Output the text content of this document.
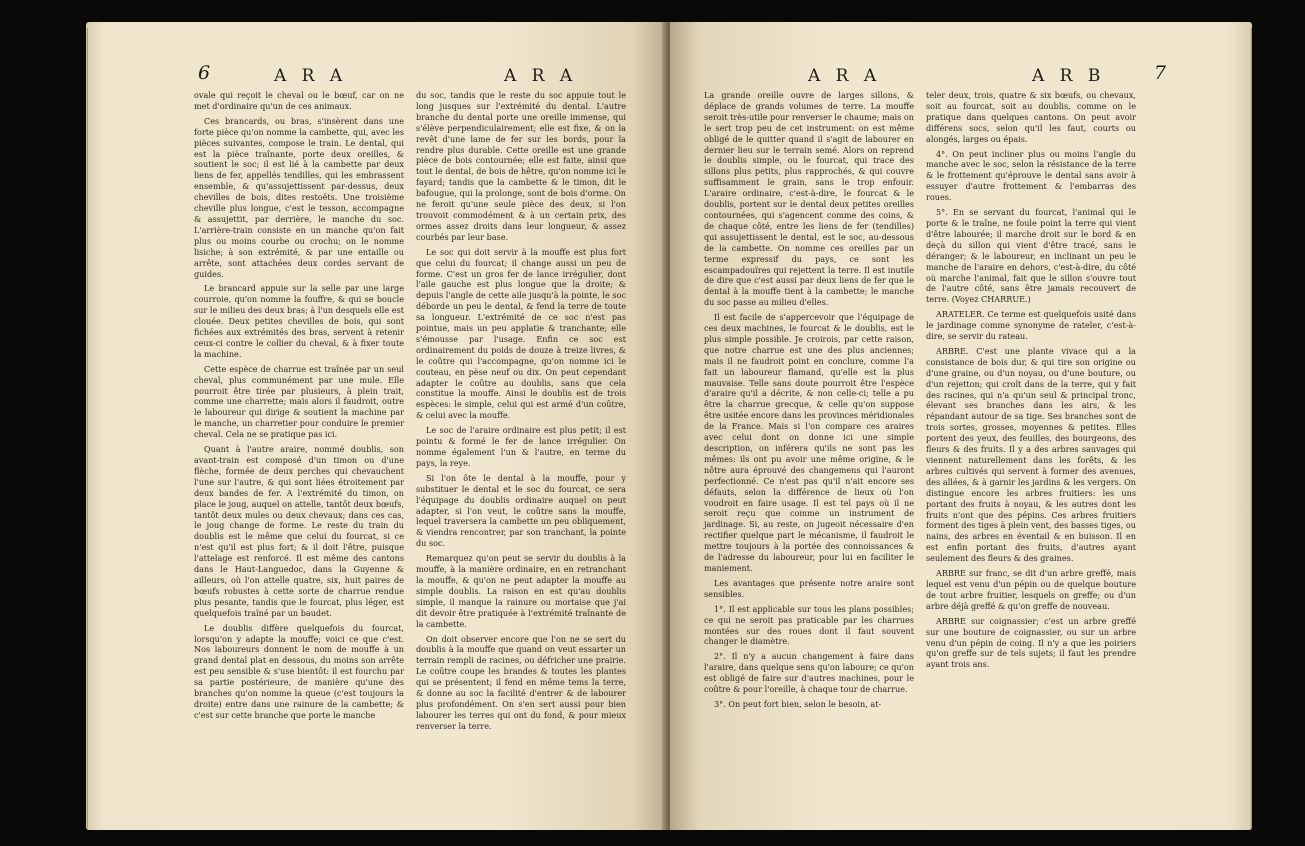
6	A R A	A R A

ovale qui reçoit le cheval ou le bœuf, car on ne met d'ordinaire qu'un de ces animaux.

Ces brancards, ou bras, s'insèrent dans une forte pièce qu'on nomme la cambette, qui, avec les pièces suivantes, compose le train. Le dental, qui est la pièce traînante, porte deux oreilles, & soutient le soc; il est lié à la cambette par deux liens de fer, appellés tendilles, qui les embrassent ensemble, & qu'assujettissent par-dessus, deux chevilles de bois, dites restoëts. Une troisième cheville plus longue, c'est le tesson, accompagne & assujettit, par derrière, le manche du soc. L'arrière-train consiste en un manche qu'on fait plus ou moins courbe ou crochu; on le nomme lisiche; à son extrémité, & par une entaille ou arrête, sont attachées deux cordes servant de guides.

Le brancard appuie sur la selle par une large courroie, qu'on nomme la fouffre, & qui se boucle sur le milieu des deux bras; à l'un desquels elle est clouée. Deux petites chevilles de bois, qui sont fichées aux extrémités des bras, servent à retenir ceux-ci contre le collier du cheval, & à fixer toute la machine.

Cette espèce de charrue est traînée par un seul cheval, plus communément par une mule. Elle pourroit être tirée par plusieurs, à plein trait, comme une charrette; mais alors il faudroit, outre le laboureur qui dirige & soutient la machine par le manche, un charretier pour conduire le premier cheval. Cela ne se pratique pas ici.

Quant à l'autre araire, nommé doublis, son avant-train est composé d'un timon ou d'une flèche, formée de deux perches qui chevauchent l'une sur l'autre, & qui sont liées étroitement par deux bandes de fer. A l'extrémité du timon, on place le joug, auquel on attelle, tantôt deux bœufs, tantôt deux mules ou deux chevaux; dans ces cas, le joug change de forme. Le reste du train du doublis est le même que celui du fourcat, si ce n'est qu'il est plus fort; & il doit l'être, puisque l'attelage est renforcé. Il est même des cantons dans le Haut-Languedoc, dans la Guyenne & ailleurs, où l'on attelle quatre, six, huit paires de bœufs robustes à cette sorte de charrue rendue plus pesante, tandis que le fourcat, plus léger, est quelquefois traîné par un baudet.

Le doublis diffère quelquefois du fourcat, lorsqu'on y adapte la mouffe; voici ce que c'est. Nos laboureurs donnent le nom de mouffe à un grand dental plat en dessous, du moins son arrête est peu sensible & s'use bientôt: il est fourchu par sa partie postérieure, de manière qu'une des branches qu'on nomme la queue (c'est toujours la droite) entre dans une rainure de la cambette; & c'est sur cette branche que porte le manche

du soc, tandis que le reste du soc appuie tout le long jusques sur l'extrémité du dental. L'autre branche du dental porte une oreille immense, qui s'élève perpendiculairement; elle est fixe, & on la revêt d'une lame de fer sur les bords, pour la rendre plus durable. Cette oreille est une grande pièce de bois contournée; elle est faite, ainsi que tout le dental, de bois de hêtre, qu'on nomme ici le fayard; tandis que la cambette & le timon, dit le bafougue, qui la prolonge, sont de bois d'orme. On ne feroit qu'une seule pièce des deux, si l'on trouvoit commodément & à un certain prix, des ormes assez droits dans leur longueur, & assez courbés par leur base.

Le soc qui doit servir à la mouffe est plus fort que celui du fourcat; il change aussi un peu de forme. C'est un gros fer de lance irrégulier, dont l'aile gauche est plus longue que la droite; & depuis l'angle de cette aile jusqu'à la pointe, le soc déborde un peu le dental, & fend la terre de toute sa longueur. L'extrémité de ce soc n'est pas pointue, mais un peu applatie & tranchante; elle s'émousse par l'usage. Enfin ce soc est ordinairement du poids de douze à treize livres, & le coûtre qui l'accompagne, qu'on nomme ici le couteau, en pèse neuf ou dix. On peut cependant adapter le coûtre au doublis, sans que cela constitue la mouffe. Ainsi le doublis est de trois espèces: le simple, celui qui est armé d'un coûtre, & celui avec la mouffe.

Le soc de l'araire ordinaire est plus petit; il est pointu & formé le fer de lance irrégulier. On nomme également l'un & l'autre, en terme du pays, la reye.

Si l'on ôte le dental à la mouffe, pour y substituer le dental et le soc du fourcat, ce sera l'équipage du doublis ordinaire auquel on peut adapter, si l'on veut, le coûtre sans la mouffe, lequel traversera la cambette un peu obliquement, & viendra rencontrer, par son tranchant, la pointe du soc.

Remarquez qu'on peut se servir du doublis à la mouffe, à la manière ordinaire, en en retranchant la mouffe, & qu'on ne peut adapter la mouffe au simple doublis. La raison en est qu'au doublis simple, il manque la rainure ou mortaise que j'ai dit devoir être pratiquée à l'extrémité traînante de la cambette.

On doit observer encore que l'on ne se sert du doublis à la mouffe que quand on veut essarter un terrain rempli de racines, ou défricher une prairie. Le coûtre coupe les brandes & toutes les plantes qui se présentent; il fend en même tems la terre, & donne au soc la facilité d'entrer & de labourer plus profondément. On s'en sert aussi pour bien labourer les terres qui ont du fond, & pour mieux renverser la terre.

A R A	A R B	7

La grande oreille ouvre de larges sillons, & déplace de grands volumes de terre. La mouffe seroit très-utile pour renverser le chaume; mais on le sert trop peu de cet instrument: on est même obligé de le quitter quand il s'agit de labourer en dernier lieu sur le terrain semé. Alors on reprend le doublis simple, ou le fourcat, qui trace des sillons plus petits, plus rapprochés, & qui couvre suffisamment le grain, sans le trop enfouir. L'araire ordinaire, c'est-à-dire, le fourcat & le doublis, portent sur le dental deux petites oreilles contournées, qui s'agencent comme des coins, & de chaque côté, entre les liens de fer (tendilles) qui assujettissent le dental, est le soc, au-dessous de la cambette. On nomme ces oreilles par un terme expressif du pays, ce sont les escampadouïres qui rejettent la terre. Il est inutile de dire que c'est aussi par deux liens de fer que le dental à la mouffe tient à la cambette; le manche du soc passe au milieu d'elles.

Il est facile de s'appercevoir que l'équipage de ces deux machines, le fourcat & le doublis, est le plus simple possible. Je croirois, par cette raison, que notre charrue est une des plus anciennes; mais il ne faudroit point en conclure, comme l'a fait un laboureur flamand, qu'elle est la plus mauvaise. Telle sans doute pourroit être l'espèce d'araire qu'il a décrite, & non celle-ci; telle a pu être la charrue grecque, & celle qu'on suppose être usitée encore dans les provinces méridionales de la France. Mais si l'on compare ces araires avec celui dont on donne ici une simple description, on inférera qu'ils ne sont pas les mêmes: ils ont pu avoir une même origine, & le nôtre aura éprouvé des changemens qui l'auront perfectionné. Ce n'est pas qu'il n'ait encore ses défauts, selon la différence de lieux où l'on voudroit en faire usage. Il est tel pays où il ne seroit reçu que comme un instrument de jardinage. Si, au reste, on jugeoit nécessaire d'en rectifier quelque part le mécanisme, il faudroit le mettre toujours à la portée des connoissances & de l'adresse du laboureur, pour lui en faciliter le maniement.

Les avantages que présente notre araire sont sensibles.

1°. Il est applicable sur tous les plans possibles; ce qui ne seroit pas praticable par les charrues montées sur des roues dont il faut souvent changer le diamètre.

2°. Il n'y a aucun changement à faire dans l'araire, dans quelque sens qu'on laboure; ce qu'on est obligé de faire sur d'autres machines, pour le coûtre & pour l'oreille, à chaque tour de charrue.

3°. On peut fort bien, selon le besoin, at-

teler deux, trois, quatre & six bœufs, ou chevaux, soit au fourcat, soit au doublis, comme on le pratique dans quelques cantons. On peut avoir différens socs, selon qu'il les faut, courts ou alongés, larges ou épais.

4°. On peut incliner plus ou moins l'angle du manche avec le soc, selon la résistance de la terre & le frottement qu'éprouve le dental sans avoir à essuyer d'autre frottement & l'embarras des roues.

5°. En se servant du fourcat, l'animal qui le porte & le traîne, ne foule point la terre qui vient d'être labourée; il marche droit sur le bord & en deçà du sillon qui vient d'être tracé, sans le déranger; & le laboureur, en inclinant un peu le manche de l'araire en dehors, c'est-à-dire, du côté où marche l'animal, fait que le sillon s'ouvre tout de l'autre côté, sans être jamais recouvert de terre. (Voyez CHARRUE.)

ARATELER. Ce terme est quelquefois usité dans le jardinage comme synonyme de rateler, c'est-à-dire, se servir du rateau.

ARBRE. C'est une plante vivace qui a la consistance de bois dur, & qui tire son origine ou d'une graine, ou d'un noyau, ou d'une bouture, ou d'un rejetton; qui croît dans de la terre, qui y fait des racines, qui n'a qu'un seul & principal tronc, élevant ses branches dans les airs, & les répandant autour de sa tige. Ses branches sont de trois sortes, grosses, moyennes & petites. Elles portent des yeux, des feuilles, des bourgeons, des fleurs & des fruits. Il y a des arbres sauvages qui viennent naturellement dans les forêts, & les arbres cultivés qui servent à former des avenues, des allées, & à garnir les jardins & les vergers. On distingue encore les arbres fruitiers: les uns portant des fruits à noyau, & les autres dont les fruits n'ont que des pépins. Ces arbres fruitiers forment des tiges à plein vent, des basses tiges, ou nains, des arbres en éventail & en buisson. Il en est enfin portant des fruits, d'autres ayant seulement des fleurs & des graines.

ARBRE sur franc, se dit d'un arbre greffé, mais lequel est venu d'un pépin ou de quelque bouture de tout arbre fruitier, lesquels on greffe; ou d'un arbre déjà greffé & qu'on greffe de nouveau.

ARBRE sur coignassier; c'est un arbre greffé sur une bouture de coignassier, ou sur un arbre venu d'un pépin de coing. Il n'y a que les poiriers qu'on greffe sur de tels sujets; il faut les prendre ayant trois ans.
